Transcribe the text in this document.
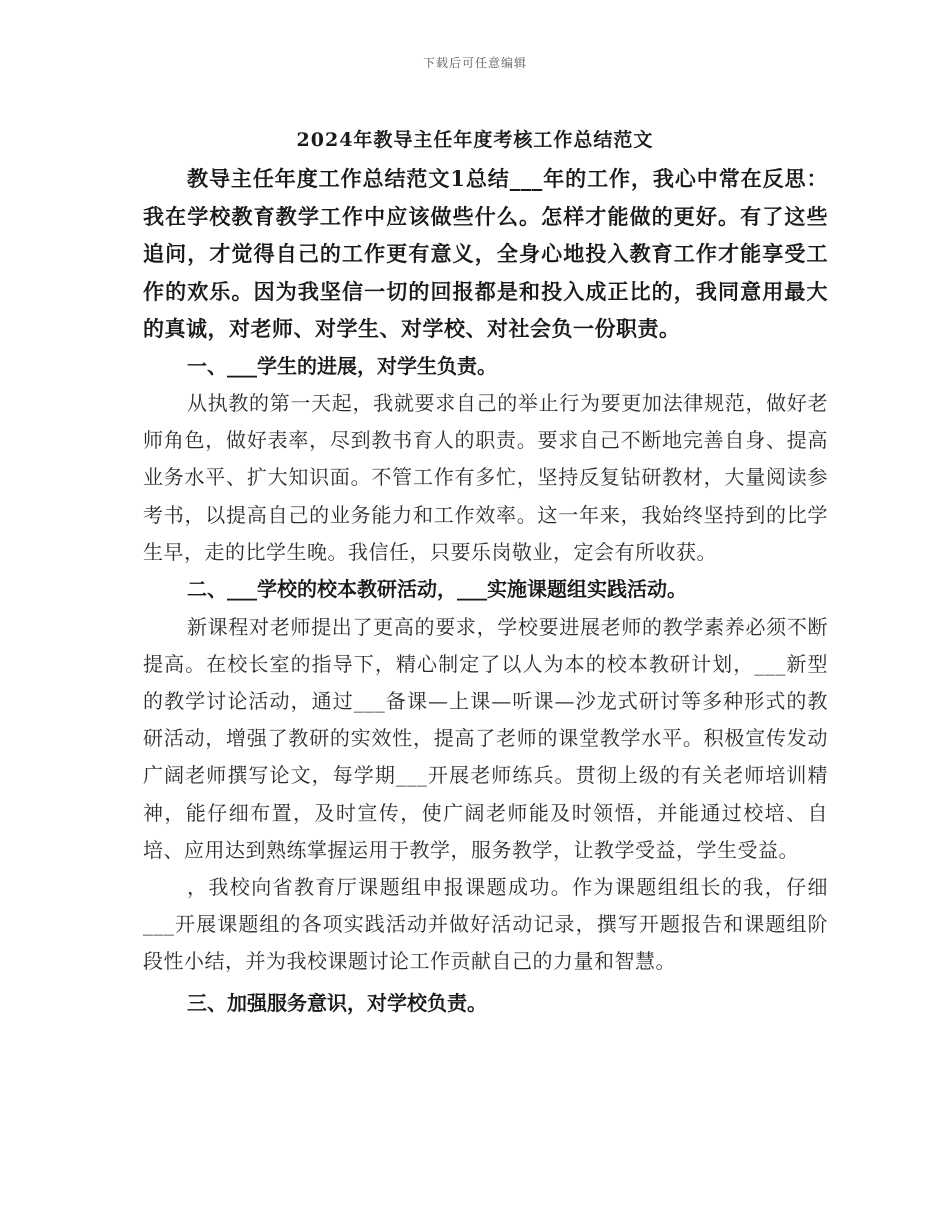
下载后可任意编辑
2024年教导主任年度考核工作总结范文

教导主任年度工作总结范文1总结___年的工作，我心中常在反思：我在学校教育教学工作中应该做些什么。怎样才能做的更好。有了这些追问，才觉得自己的工作更有意义，全身心地投入教育工作才能享受工作的欢乐。因为我坚信一切的回报都是和投入成正比的，我同意用最大的真诚，对老师、对学生、对学校、对社会负一份职责。

一、___学生的进展，对学生负责。

从执教的第一天起，我就要求自己的举止行为要更加法律规范，做好老师角色，做好表率，尽到教书育人的职责。要求自己不断地完善自身、提高业务水平、扩大知识面。不管工作有多忙，坚持反复钻研教材，大量阅读参考书，以提高自己的业务能力和工作效率。这一年来，我始终坚持到的比学生早，走的比学生晚。我信任，只要乐岗敬业，定会有所收获。

二、___学校的校本教研活动，___实施课题组实践活动。

新课程对老师提出了更高的要求，学校要进展老师的教学素养必须不断提高。在校长室的指导下，精心制定了以人为本的校本教研计划，___新型的教学讨论活动，通过___备课—上课—听课—沙龙式研讨等多种形式的教研活动，增强了教研的实效性，提高了老师的课堂教学水平。积极宣传发动广阔老师撰写论文，每学期___开展老师练兵。贯彻上级的有关老师培训精神，能仔细布置，及时宣传，使广阔老师能及时领悟，并能通过校培、自培、应用达到熟练掌握运用于教学，服务教学，让教学受益，学生受益。

，我校向省教育厅课题组申报课题成功。作为课题组组长的我，仔细___开展课题组的各项实践活动并做好活动记录，撰写开题报告和课题组阶段性小结，并为我校课题讨论工作贡献自己的力量和智慧。

三、加强服务意识，对学校负责。
